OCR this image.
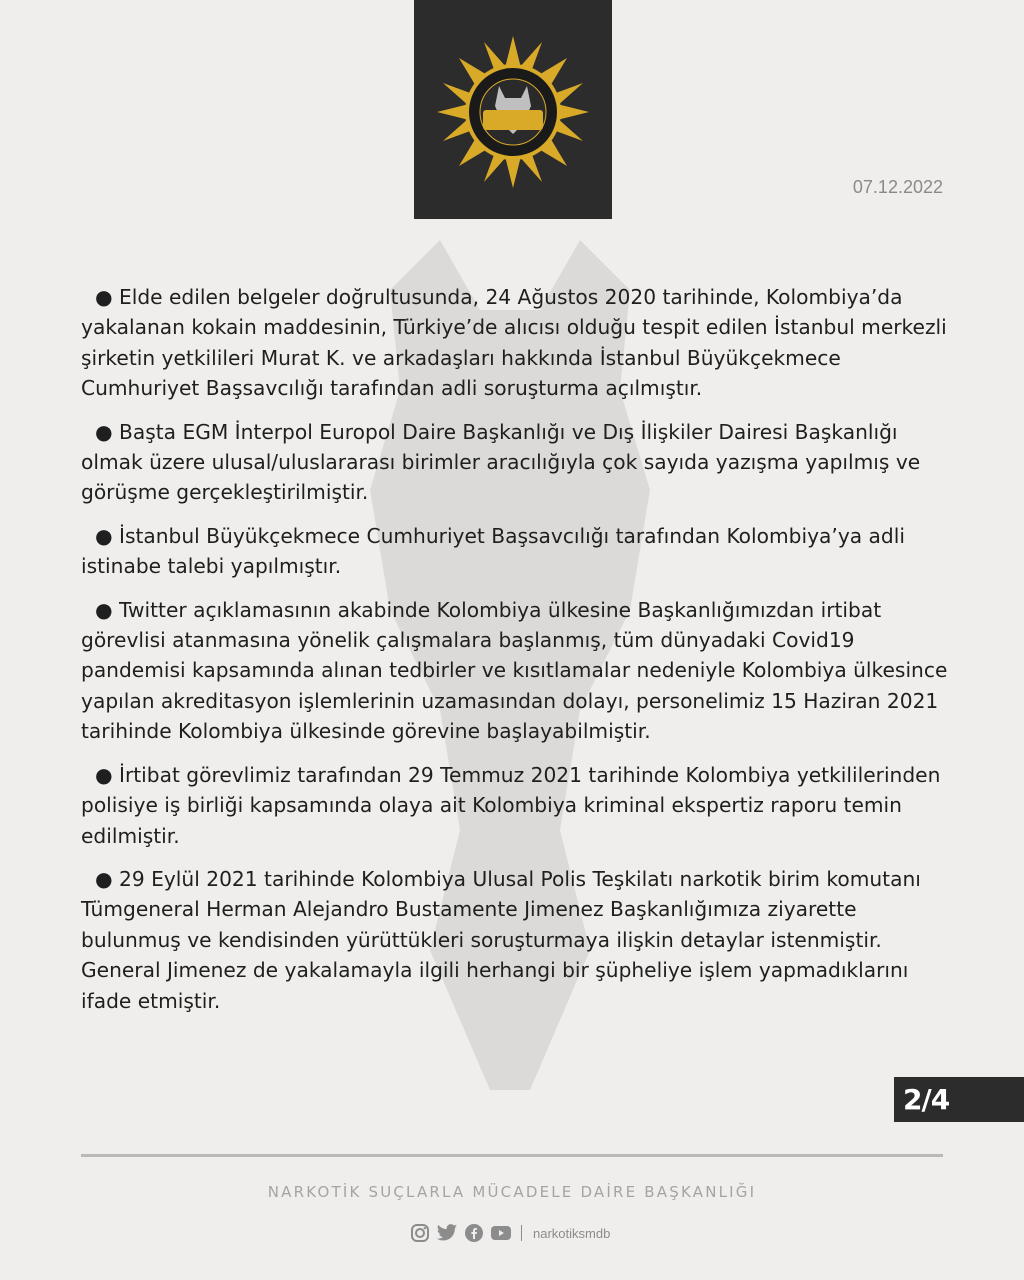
07.12.2022

● Elde edilen belgeler doğrultusunda, 24 Ağustos 2020 tarihinde, Kolombiya’da yakalanan kokain maddesinin, Türkiye’de alıcısı olduğu tespit edilen İstanbul merkezli şirketin yetkilileri Murat K. ve arkadaşları hakkında İstanbul Büyükçekmece Cumhuriyet Başsavcılığı tarafından adli soruşturma açılmıştır.

● Başta EGM İnterpol Europol Daire Başkanlığı ve Dış İlişkiler Dairesi Başkanlığı olmak üzere ulusal/uluslararası birimler aracılığıyla çok sayıda yazışma yapılmış ve görüşme gerçekleştirilmiştir.

● İstanbul Büyükçekmece Cumhuriyet Başsavcılığı tarafından Kolombiya’ya adli istinabe talebi yapılmıştır.

● Twitter açıklamasının akabinde Kolombiya ülkesine Başkanlığımızdan irtibat görevlisi atanmasına yönelik çalışmalara başlanmış, tüm dünyadaki Covid19 pandemisi kapsamında alınan tedbirler ve kısıtlamalar nedeniyle Kolombiya ülkesince yapılan akreditasyon işlemlerinin uzamasından dolayı, personelimiz 15 Haziran 2021 tarihinde Kolombiya ülkesinde görevine başlayabilmiştir.

● İrtibat görevlimiz tarafından 29 Temmuz 2021 tarihinde Kolombiya yetkililerinden polisiye iş birliği kapsamında olaya ait Kolombiya kriminal ekspertiz raporu temin edilmiştir.

● 29 Eylül 2021 tarihinde Kolombiya Ulusal Polis Teşkilatı narkotik birim komutanı Tümgeneral Herman Alejandro Bustamente Jimenez Başkanlığımıza ziyarette bulunmuş ve kendisinden yürüttükleri soruşturmaya ilişkin detaylar istenmiştir. General Jimenez de yakalamayla ilgili herhangi bir şüpheliye işlem yapmadıklarını ifade etmiştir.

2/4
NARKOTİK SUÇLARLA MÜCADELE DAİRE BAŞKANLIĞI
narkotiksmdb
